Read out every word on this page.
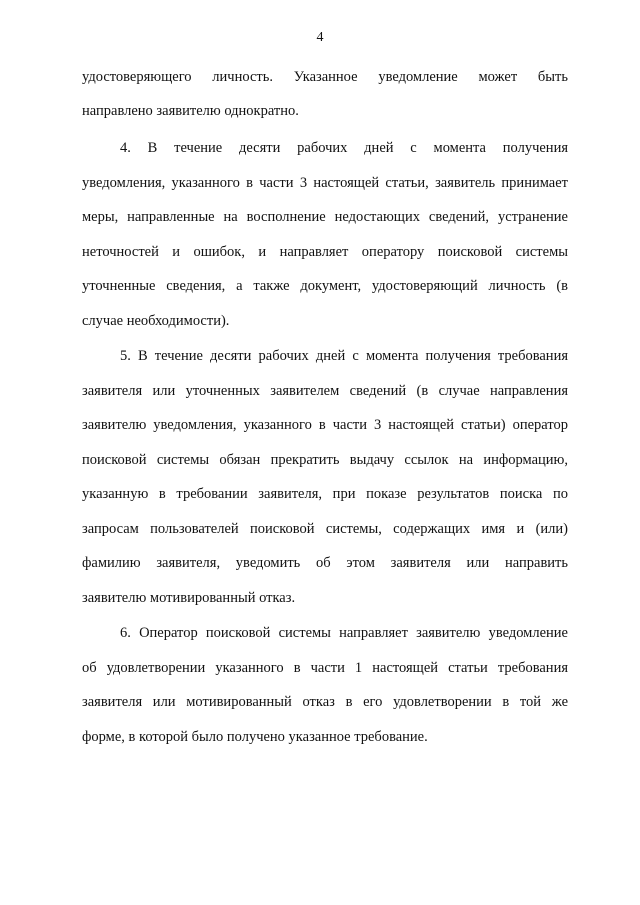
4
удостоверяющего личность. Указанное уведомление может быть
направлено заявителю однократно.
4. В течение десяти рабочих дней с момента получения
уведомления, указанного в части 3 настоящей статьи, заявитель принимает
меры, направленные на восполнение недостающих сведений, устранение
неточностей и ошибок, и направляет оператору поисковой системы
уточненные сведения, а также документ, удостоверяющий личность (в
случае необходимости).
5. В течение десяти рабочих дней с момента получения требования
заявителя или уточненных заявителем сведений (в случае направления
заявителю уведомления, указанного в части 3 настоящей статьи) оператор
поисковой системы обязан прекратить выдачу ссылок на информацию,
указанную в требовании заявителя, при показе результатов поиска по
запросам пользователей поисковой системы, содержащих имя и (или)
фамилию заявителя, уведомить об этом заявителя или направить
заявителю мотивированный отказ.
6. Оператор поисковой системы направляет заявителю уведомление
об удовлетворении указанного в части 1 настоящей статьи требования
заявителя или мотивированный отказ в его удовлетворении в той же
форме, в которой было получено указанное требование.
